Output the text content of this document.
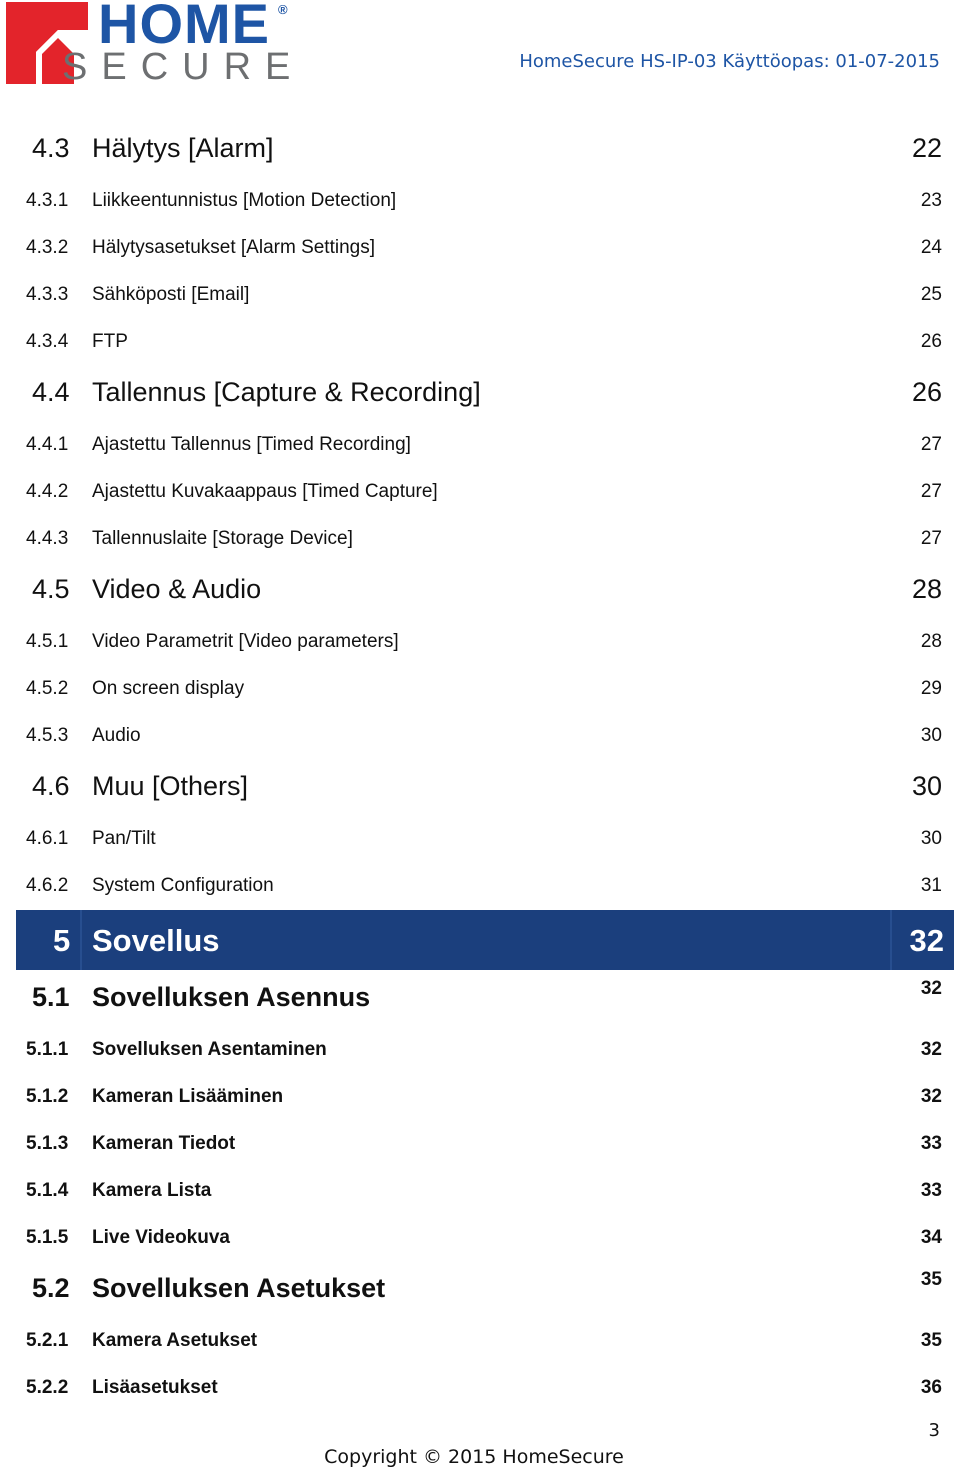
HOME ®
SECURE	HomeSecure HS-IP-03 Käyttöopas: 01-07-2015
4.3 Hälytys [Alarm]	22
4.3.1 Liikkeentunnistus [Motion Detection]	23
4.3.2 Hälytysasetukset [Alarm Settings]	24
4.3.3 Sähköposti [Email]	25
4.3.4 FTP	26
4.4 Tallennus [Capture & Recording]	26
4.4.1 Ajastettu Tallennus [Timed Recording]	27
4.4.2 Ajastettu Kuvakaappaus [Timed Capture]	27
4.4.3 Tallennuslaite [Storage Device]	27
4.5 Video & Audio	28
4.5.1 Video Parametrit [Video parameters]	28
4.5.2 On screen display	29
4.5.3 Audio	30
4.6 Muu [Others]	30
4.6.1 Pan/Tilt	30
4.6.2 System Configuration	31
5 Sovellus	32
5.1 Sovelluksen Asennus	32
5.1.1 Sovelluksen Asentaminen	32
5.1.2 Kameran Lisääminen	32
5.1.3 Kameran Tiedot	33
5.1.4 Kamera Lista	33
5.1.5 Live Videokuva	34
5.2 Sovelluksen Asetukset	35
5.2.1 Kamera Asetukset	35
5.2.2 Lisäasetukset	36
3
Copyright © 2015 HomeSecure
